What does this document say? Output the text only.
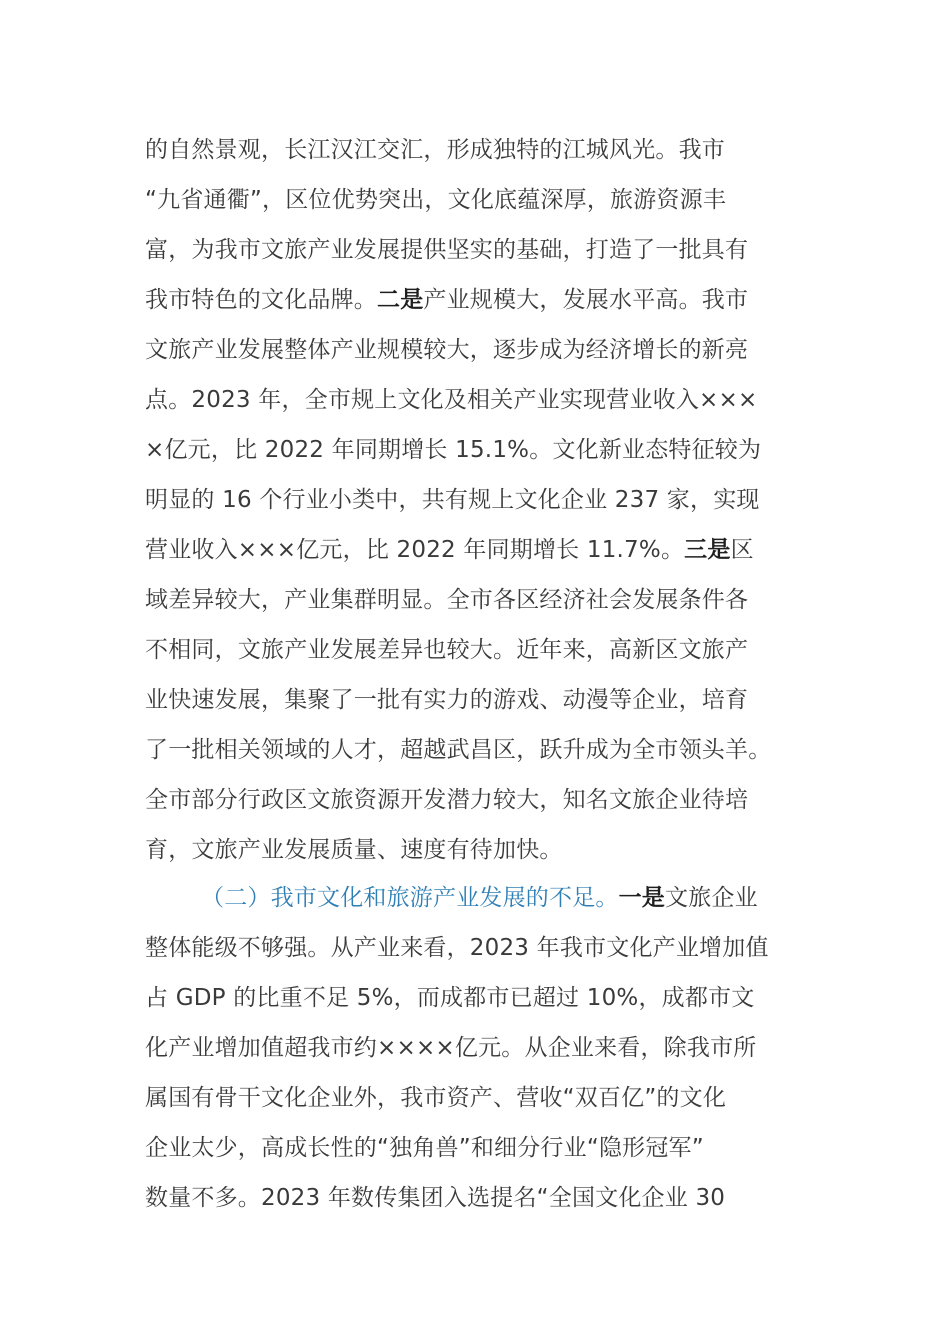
的自然景观，长江汉江交汇，形成独特的江城风光。我市
“九省通衢”，区位优势突出，文化底蕴深厚，旅游资源丰
富，为我市文旅产业发展提供坚实的基础，打造了一批具有
我市特色的文化品牌。二是产业规模大，发展水平高。我市
文旅产业发展整体产业规模较大，逐步成为经济增长的新亮
点。2023 年，全市规上文化及相关产业实现营业收入×××
×亿元，比 2022 年同期增长 15.1%。文化新业态特征较为
明显的 16 个行业小类中，共有规上文化企业 237 家，实现
营业收入×××亿元，比 2022 年同期增长 11.7%。三是区
域差异较大，产业集群明显。全市各区经济社会发展条件各
不相同，文旅产业发展差异也较大。近年来，高新区文旅产
业快速发展，集聚了一批有实力的游戏、动漫等企业，培育
了一批相关领域的人才，超越武昌区，跃升成为全市领头羊。
全市部分行政区文旅资源开发潜力较大，知名文旅企业待培
育，文旅产业发展质量、速度有待加快。
（二）我市文化和旅游产业发展的不足。一是文旅企业
整体能级不够强。从产业来看，2023 年我市文化产业增加值
占 GDP 的比重不足 5%，而成都市已超过 10%，成都市文
化产业增加值超我市约××××亿元。从企业来看，除我市所
属国有骨干文化企业外，我市资产、营收“双百亿”的文化
企业太少，高成长性的“独角兽”和细分行业“隐形冠军”
数量不多。2023 年数传集团入选提名“全国文化企业 30
